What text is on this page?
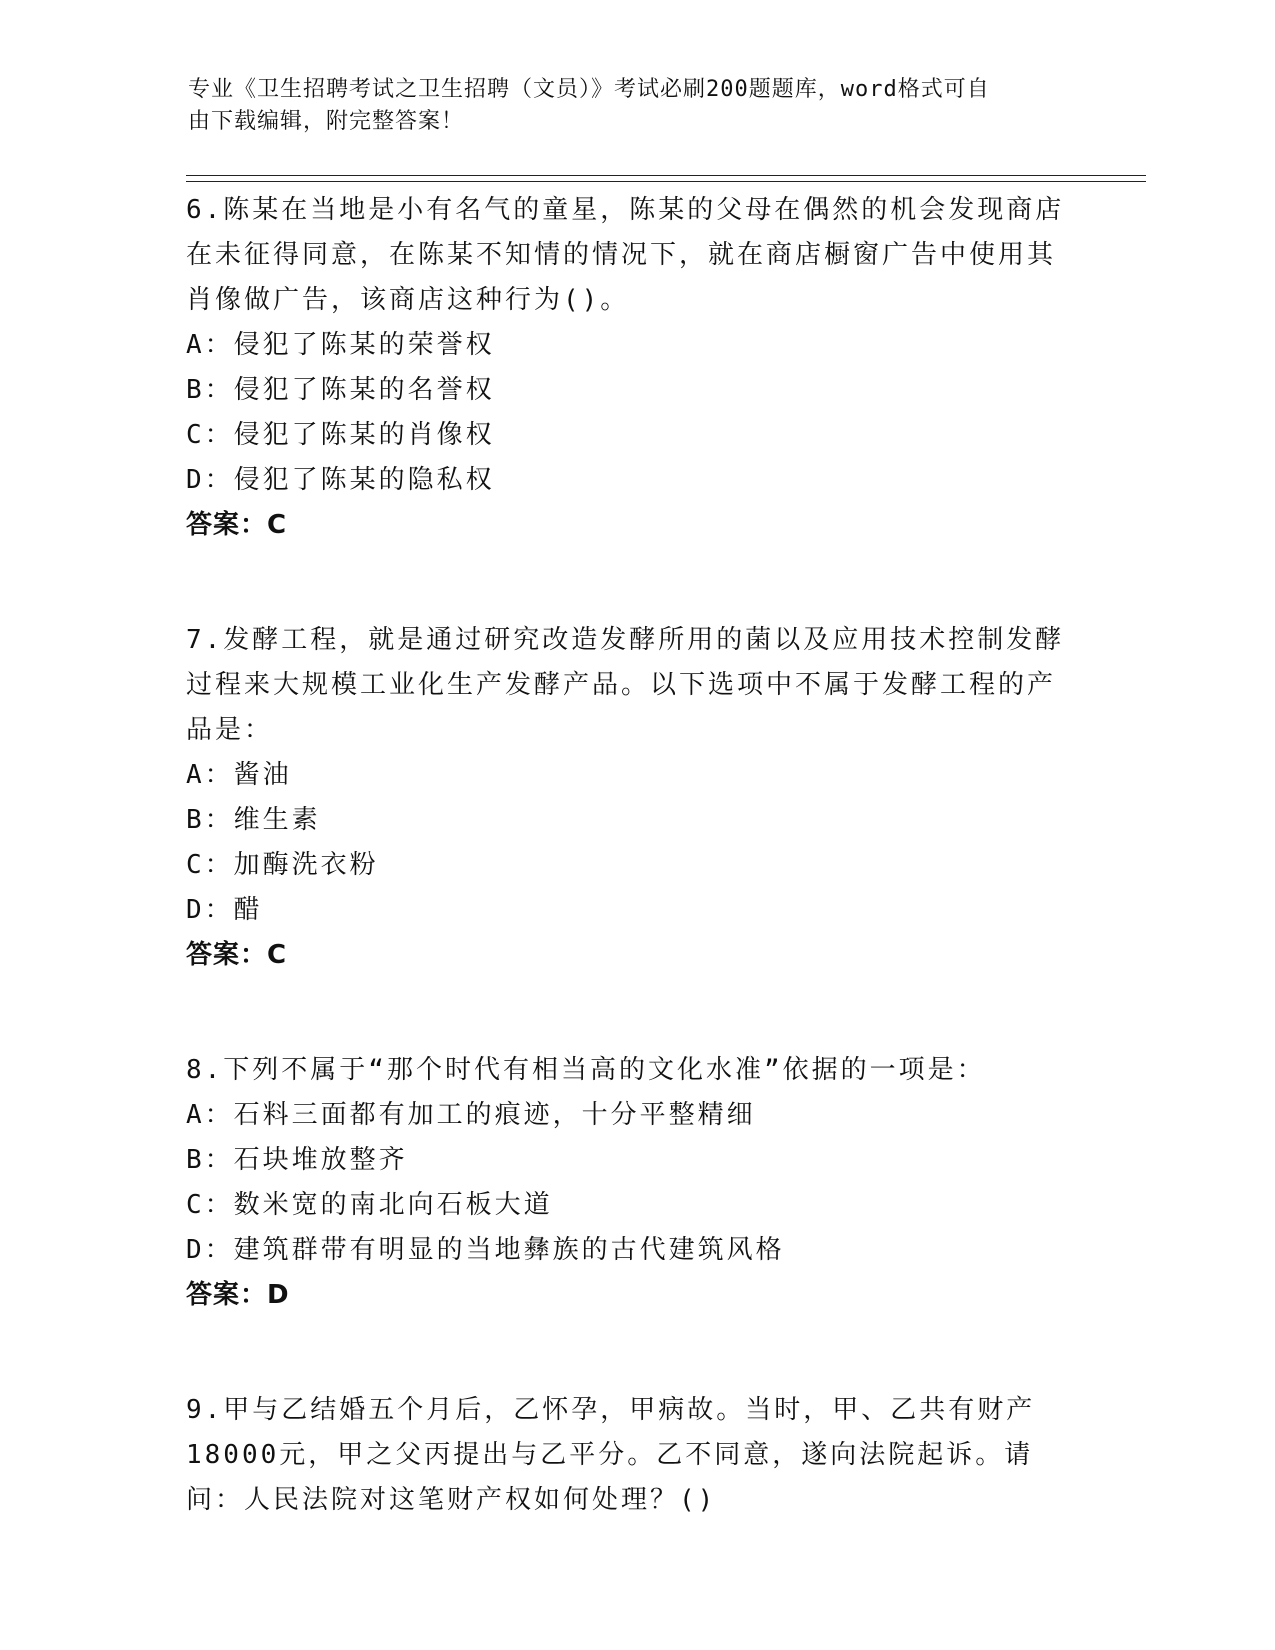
专业《卫生招聘考试之卫生招聘（文员）》考试必刷200题题库，word格式可自
由下载编辑，附完整答案！
6.陈某在当地是小有名气的童星，陈某的父母在偶然的机会发现商店在未征得同意，在陈某不知情的情况下，就在商店橱窗广告中使用其肖像做广告，该商店这种行为()。
A：侵犯了陈某的荣誉权
B：侵犯了陈某的名誉权
C：侵犯了陈某的肖像权
D：侵犯了陈某的隐私权
答案：C
7.发酵工程，就是通过研究改造发酵所用的菌以及应用技术控制发酵过程来大规模工业化生产发酵产品。以下选项中不属于发酵工程的产品是：
A：酱油
B：维生素
C：加酶洗衣粉
D：醋
答案：C
8.下列不属于“那个时代有相当高的文化水准”依据的一项是：
A：石料三面都有加工的痕迹，十分平整精细
B：石块堆放整齐
C：数米宽的南北向石板大道
D：建筑群带有明显的当地彝族的古代建筑风格
答案：D
9.甲与乙结婚五个月后，乙怀孕，甲病故。当时，甲、乙共有财产18000元，甲之父丙提出与乙平分。乙不同意，遂向法院起诉。请问：人民法院对这笔财产权如何处理？()
